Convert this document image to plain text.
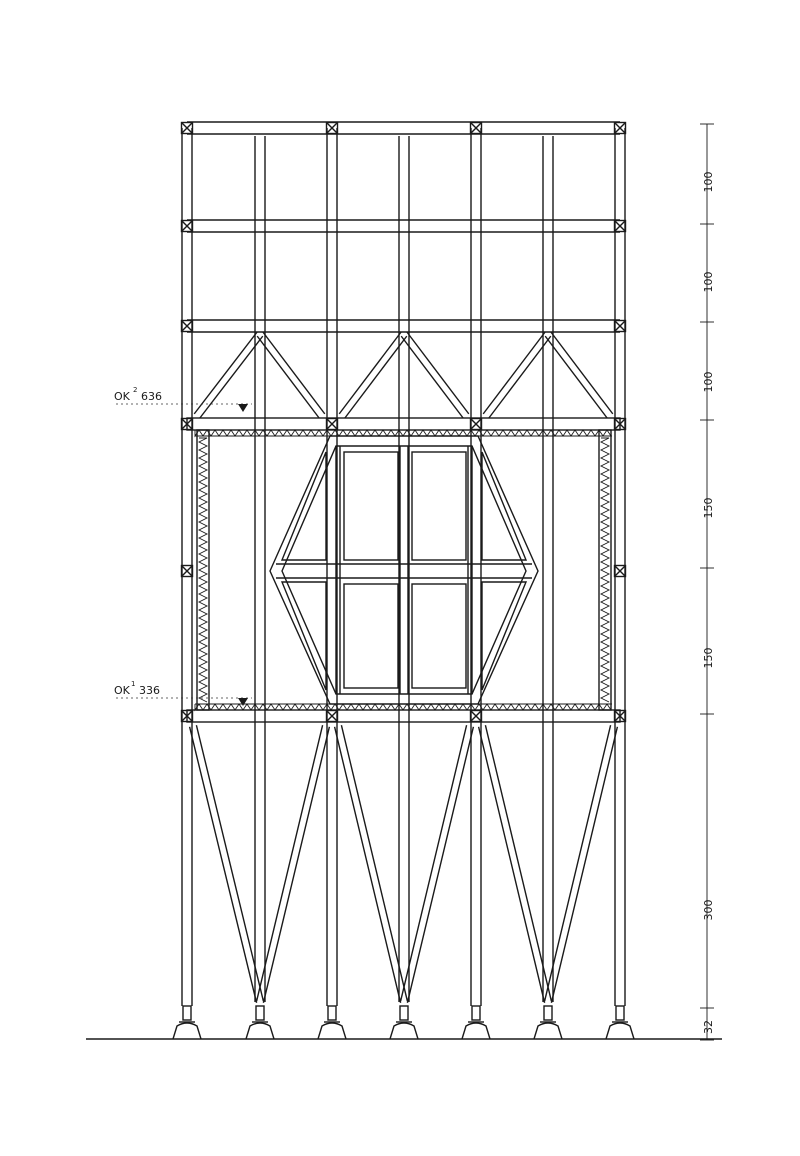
OK 2 636
OK 1 336
100
100
100
150
150
300
32
